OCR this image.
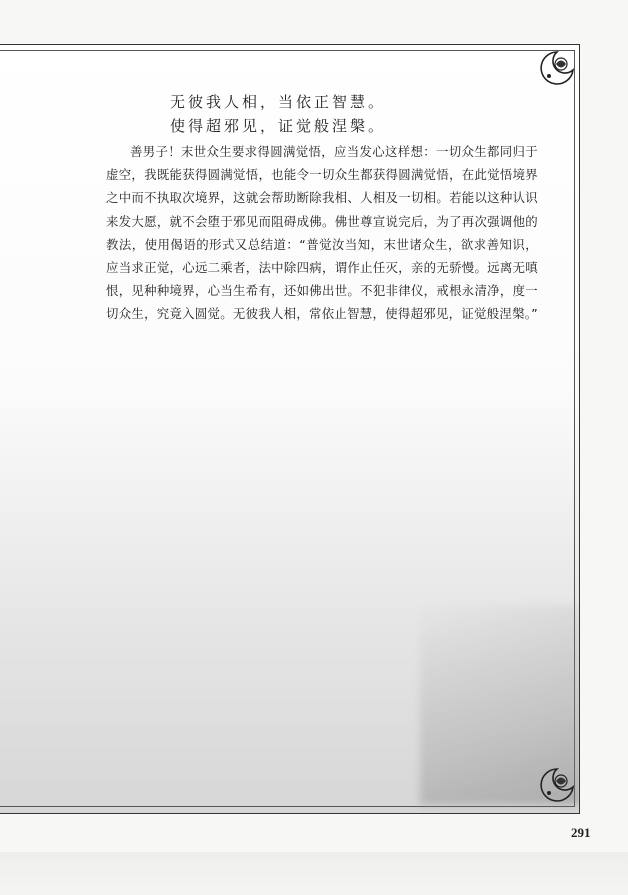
无彼我人相，当依正智慧。
使得超邪见，证觉般涅槃。
善男子！末世众生要求得圆满觉悟，应当发心这样想：一切众生都同归于虚空，我既能获得圆满觉悟，也能令一切众生都获得圆满觉悟，在此觉悟境界之中而不执取次境界，这就会帮助断除我相、人相及一切相。若能以这种认识来发大愿，就不会堕于邪见而阻碍成佛。佛世尊宣说完后，为了再次强调他的教法，使用偈语的形式又总结道：“普觉汝当知，末世诸众生，欲求善知识，应当求正觉，心远二乘者，法中除四病，谓作止任灭，亲的无骄慢。远离无嗔恨，见种种境界，心当生希有，还如佛出世。不犯非律仪，戒根永清净，度一切众生，究竟入圆觉。无彼我人相，常依止智慧，使得超邪见，证觉般涅槃。”
291
